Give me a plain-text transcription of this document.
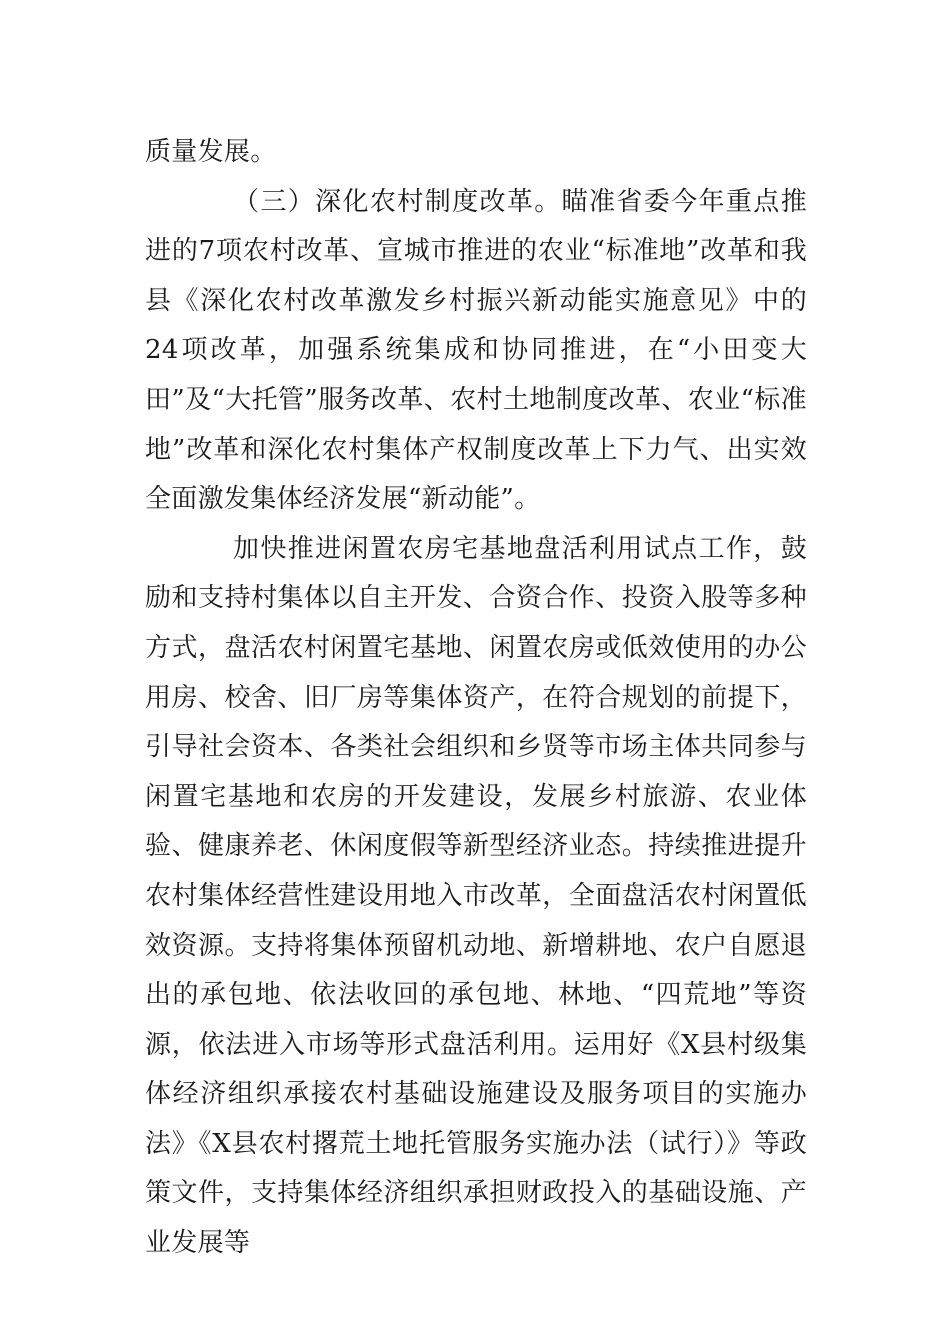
质量发展。

（三）深化农村制度改革。瞄准省委今年重点推进的7项农村改革、宣城市推进的农业“标准地”改革和我县《深化农村改革激发乡村振兴新动能实施意见》中的24项改革，加强系统集成和协同推进，在“小田变大田”及“大托管”服务改革、农村土地制度改革、农业“标准地”改革和深化农村集体产权制度改革上下力气、出实效全面激发集体经济发展“新动能”。

加快推进闲置农房宅基地盘活利用试点工作，鼓励和支持村集体以自主开发、合资合作、投资入股等多种方式，盘活农村闲置宅基地、闲置农房或低效使用的办公用房、校舍、旧厂房等集体资产，在符合规划的前提下，引导社会资本、各类社会组织和乡贤等市场主体共同参与闲置宅基地和农房的开发建设，发展乡村旅游、农业体验、健康养老、休闲度假等新型经济业态。持续推进提升农村集体经营性建设用地入市改革，全面盘活农村闲置低效资源。支持将集体预留机动地、新增耕地、农户自愿退出的承包地、依法收回的承包地、林地、“四荒地”等资源，依法进入市场等形式盘活利用。运用好《X县村级集体经济组织承接农村基础设施建设及服务项目的实施办法》《X县农村撂荒土地托管服务实施办法（试行）》等政策文件，支持集体经济组织承担财政投入的基础设施、产业发展等
